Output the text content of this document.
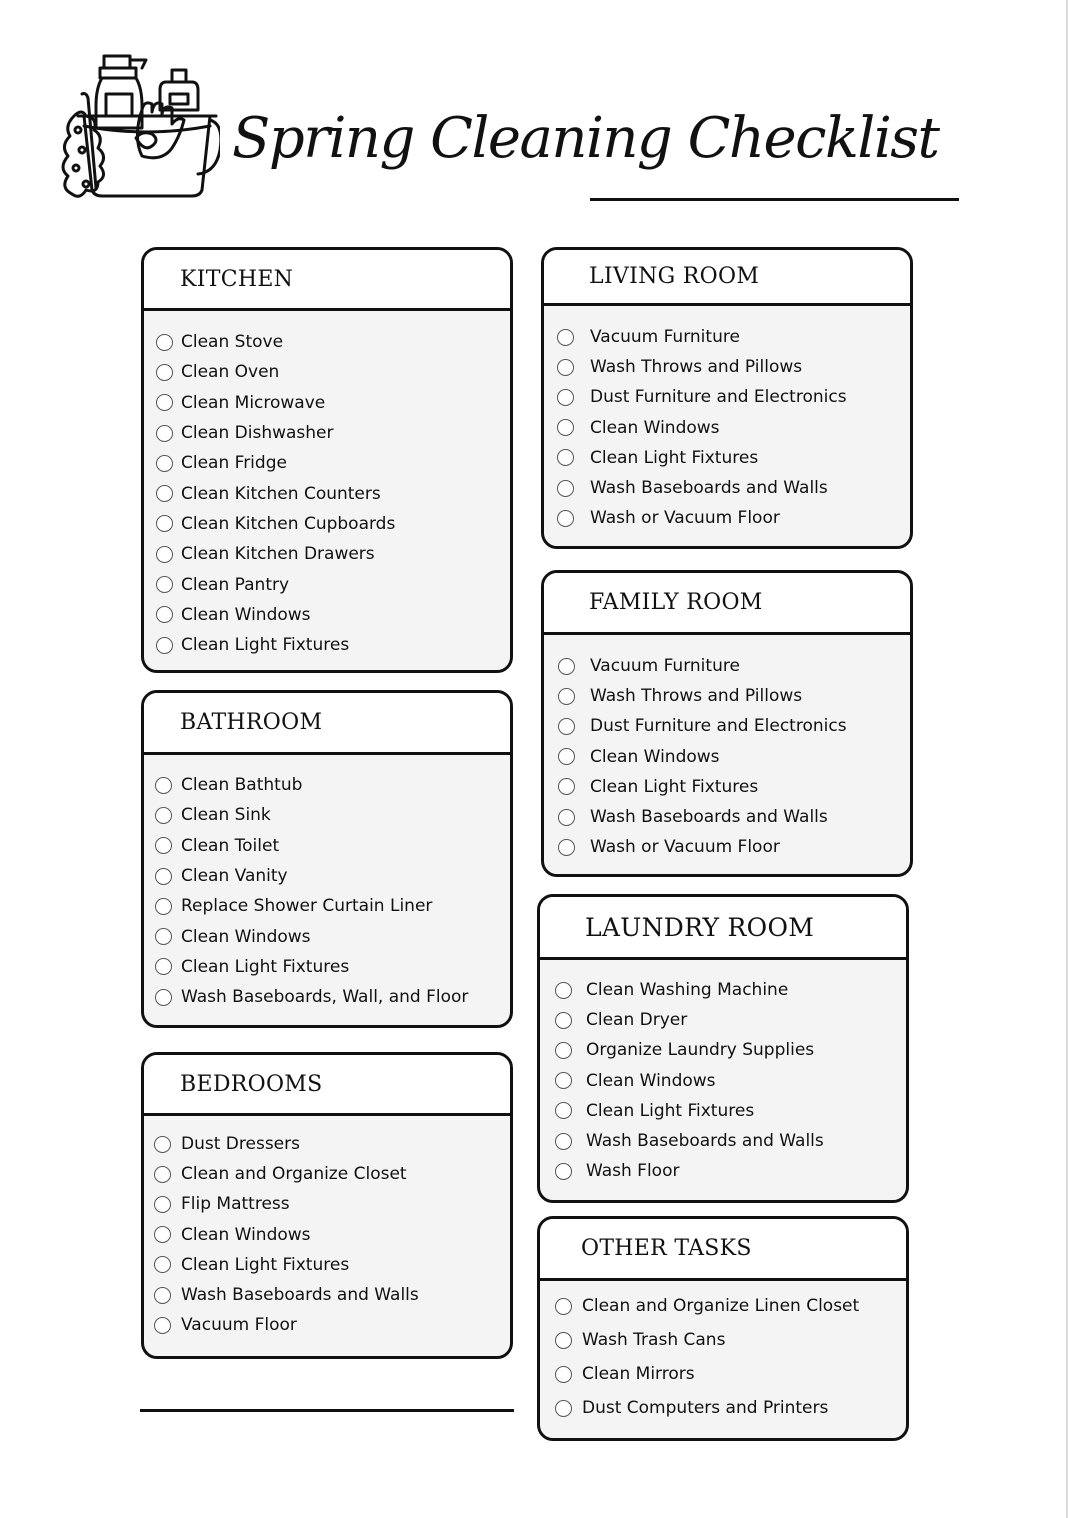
Spring Cleaning Checklist
KITCHEN
Clean Stove
Clean Oven
Clean Microwave
Clean Dishwasher
Clean Fridge
Clean Kitchen Counters
Clean Kitchen Cupboards
Clean Kitchen Drawers
Clean Pantry
Clean Windows
Clean Light Fixtures
BATHROOM
Clean Bathtub
Clean Sink
Clean Toilet
Clean Vanity
Replace Shower Curtain Liner
Clean Windows
Clean Light Fixtures
Wash Baseboards, Wall, and Floor
BEDROOMS
Dust Dressers
Clean and Organize Closet
Flip Mattress
Clean Windows
Clean Light Fixtures
Wash Baseboards and Walls
Vacuum Floor
LIVING ROOM
Vacuum Furniture
Wash Throws and Pillows
Dust Furniture and Electronics
Clean Windows
Clean Light Fixtures
Wash Baseboards and Walls
Wash or Vacuum Floor
FAMILY ROOM
Vacuum Furniture
Wash Throws and Pillows
Dust Furniture and Electronics
Clean Windows
Clean Light Fixtures
Wash Baseboards and Walls
Wash or Vacuum Floor
LAUNDRY ROOM
Clean Washing Machine
Clean Dryer
Organize Laundry Supplies
Clean Windows
Clean Light Fixtures
Wash Baseboards and Walls
Wash Floor
OTHER TASKS
Clean and Organize Linen Closet
Wash Trash Cans
Clean Mirrors
Dust Computers and Printers
